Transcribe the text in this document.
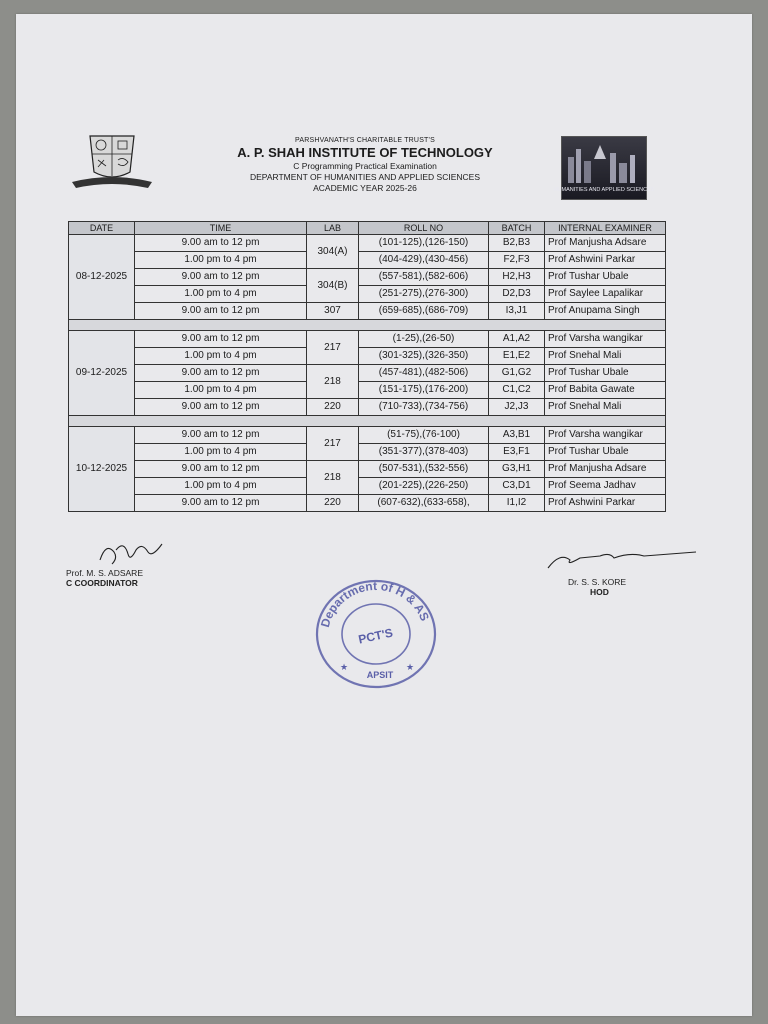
HUMANITIES AND APPLIED SCIENCES
PARSHVANATH'S CHARITABLE TRUST'S
A. P. SHAH INSTITUTE OF TECHNOLOGY
C Programming Practical Examination
DEPARTMENT OF HUMANITIES AND APPLIED SCIENCES
ACADEMIC YEAR 2025-26
DATE	TIME	LAB	ROLL NO	BATCH	INTERNAL EXAMINER
08-12-2025	9.00 am to 12 pm	304(A)	(101-125),(126-150)	B2,B3	Prof Manjusha Adsare
	1.00 pm to 4 pm		(404-429),(430-456)	F2,F3	Prof Ashwini Parkar
	9.00 am to 12 pm	304(B)	(557-581),(582-606)	H2,H3	Prof Tushar Ubale
	1.00 pm to 4 pm		(251-275),(276-300)	D2,D3	Prof Saylee Lapalikar
	9.00 am to 12 pm	307	(659-685),(686-709)	I3,J1	Prof Anupama Singh

09-12-2025	9.00 am to 12 pm	217	(1-25),(26-50)	A1,A2	Prof Varsha wangikar
	1.00 pm to 4 pm		(301-325),(326-350)	E1,E2	Prof Snehal Mali
	9.00 am to 12 pm	218	(457-481),(482-506)	G1,G2	Prof Tushar Ubale
	1.00 pm to 4 pm		(151-175),(176-200)	C1,C2	Prof Babita Gawate
	9.00 am to 12 pm	220	(710-733),(734-756)	J2,J3	Prof Snehal Mali

10-12-2025	9.00 am to 12 pm	217	(51-75),(76-100)	A3,B1	Prof Varsha wangikar
	1.00 pm to 4 pm		(351-377),(378-403)	E3,F1	Prof Tushar Ubale
	9.00 am to 12 pm	218	(507-531),(532-556)	G3,H1	Prof Manjusha Adsare
	1.00 pm to 4 pm		(201-225),(226-250)	C3,D1	Prof Seema Jadhav
	9.00 am to 12 pm	220	(607-632),(633-658),	I1,I2	Prof Ashwini Parkar
Prof. M. S. ADSARE
C COORDINATOR	Dr. S. S. KORE
HOD
Department of H & AS
PCT'S
APSIT
★	★
